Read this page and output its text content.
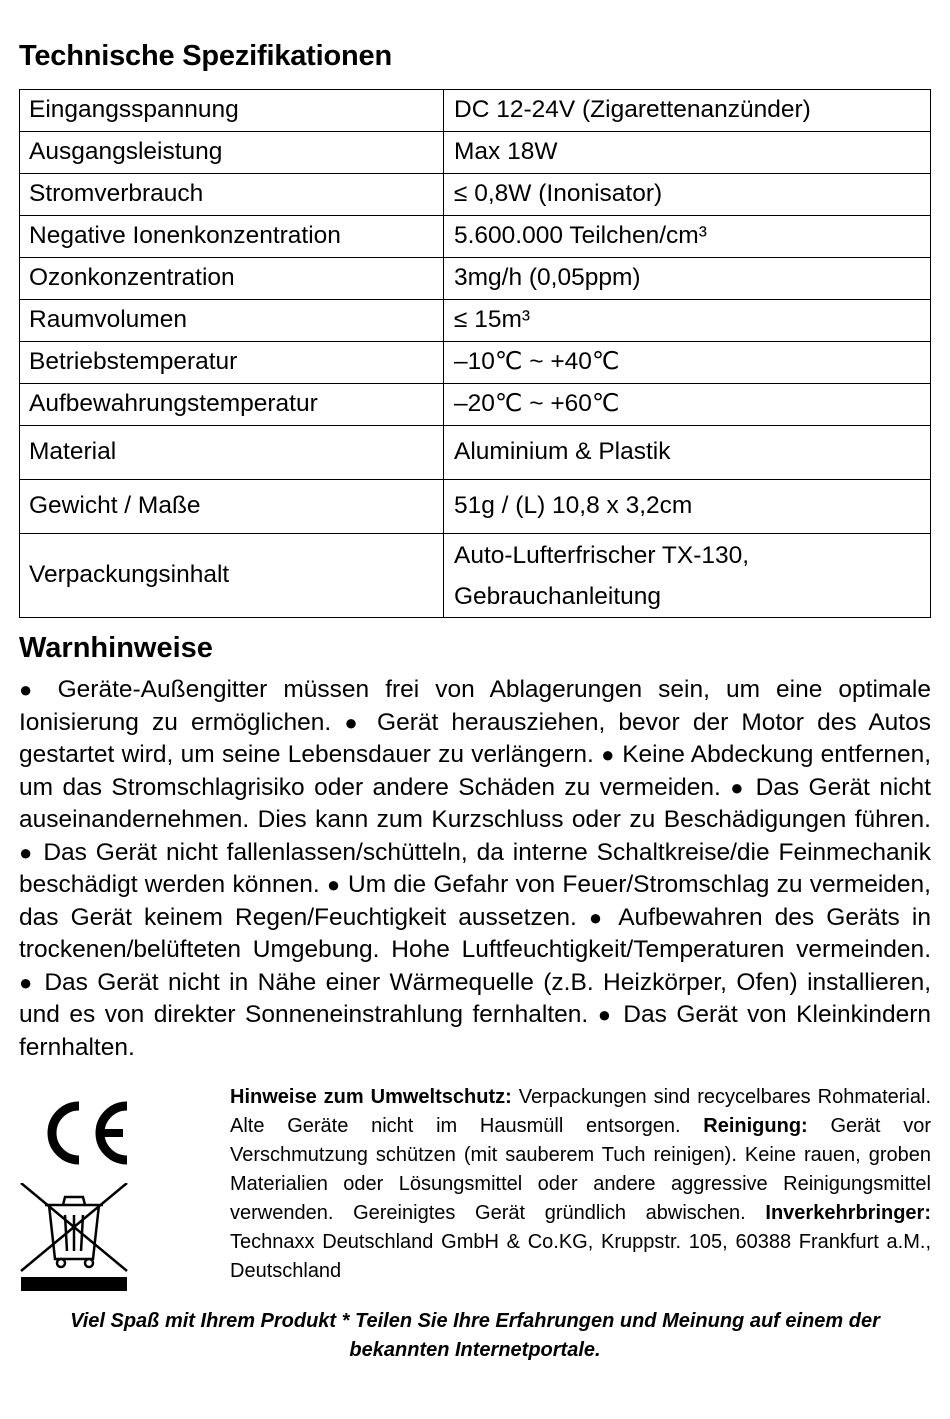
Technische Spezifikationen
Eingangsspannung	DC 12-24V (Zigarettenanzünder)
Ausgangsleistung	Max 18W
Stromverbrauch	≤ 0,8W (Inonisator)
Negative Ionenkonzentration	5.600.000 Teilchen/cm³
Ozonkonzentration	3mg/h (0,05ppm)
Raumvolumen	≤ 15m³
Betriebstemperatur	–10℃ ~ +40℃
Aufbewahrungstemperatur	–20℃ ~ +60℃
Material	Aluminium & Plastik
Gewicht / Maße	51g / (L) 10,8 x 3,2cm
Verpackungsinhalt	Auto-Lufterfrischer TX-130,
Gebrauchanleitung
Warnhinweise

● Geräte-Außengitter müssen frei von Ablagerungen sein, um eine optimale Ionisierung zu ermöglichen. ● Gerät herausziehen, bevor der Motor des Autos gestartet wird, um seine Lebensdauer zu verlängern. ● Keine Abdeckung entfernen, um das Stromschlagrisiko oder andere Schäden zu vermeiden. ● Das Gerät nicht auseinandernehmen. Dies kann zum Kurzschluss oder zu Beschädigungen führen. ● Das Gerät nicht fallenlassen/schütteln, da interne Schaltkreise/die Feinmechanik beschädigt werden können. ● Um die Gefahr von Feuer/Stromschlag zu vermeiden, das Gerät keinem Regen/Feuchtigkeit aussetzen. ● Aufbewahren des Geräts in trockenen/belüfteten Umgebung. Hohe Luftfeuchtigkeit/Temperaturen vermeinden. ● Das Gerät nicht in Nähe einer Wärmequelle (z.B. Heizkörper, Ofen) installieren, und es von direkter Sonneneinstrahlung fernhalten. ● Das Gerät von Kleinkindern fernhalten.

Hinweise zum Umweltschutz: Verpackungen sind recycelbares Rohmaterial. Alte Geräte nicht im Hausmüll entsorgen. Reinigung: Gerät vor Verschmutzung schützen (mit sauberem Tuch reinigen). Keine rauen, groben Materialien oder Lösungsmittel oder andere aggressive Reinigungsmittel verwenden. Gereinigtes Gerät gründlich abwischen. Inverkehrbringer: Technaxx Deutschland GmbH & Co.KG, Kruppstr. 105, 60388 Frankfurt a.M., Deutschland

Viel Spaß mit Ihrem Produkt * Teilen Sie Ihre Erfahrungen und Meinung auf einem der
bekannten Internetportale.
